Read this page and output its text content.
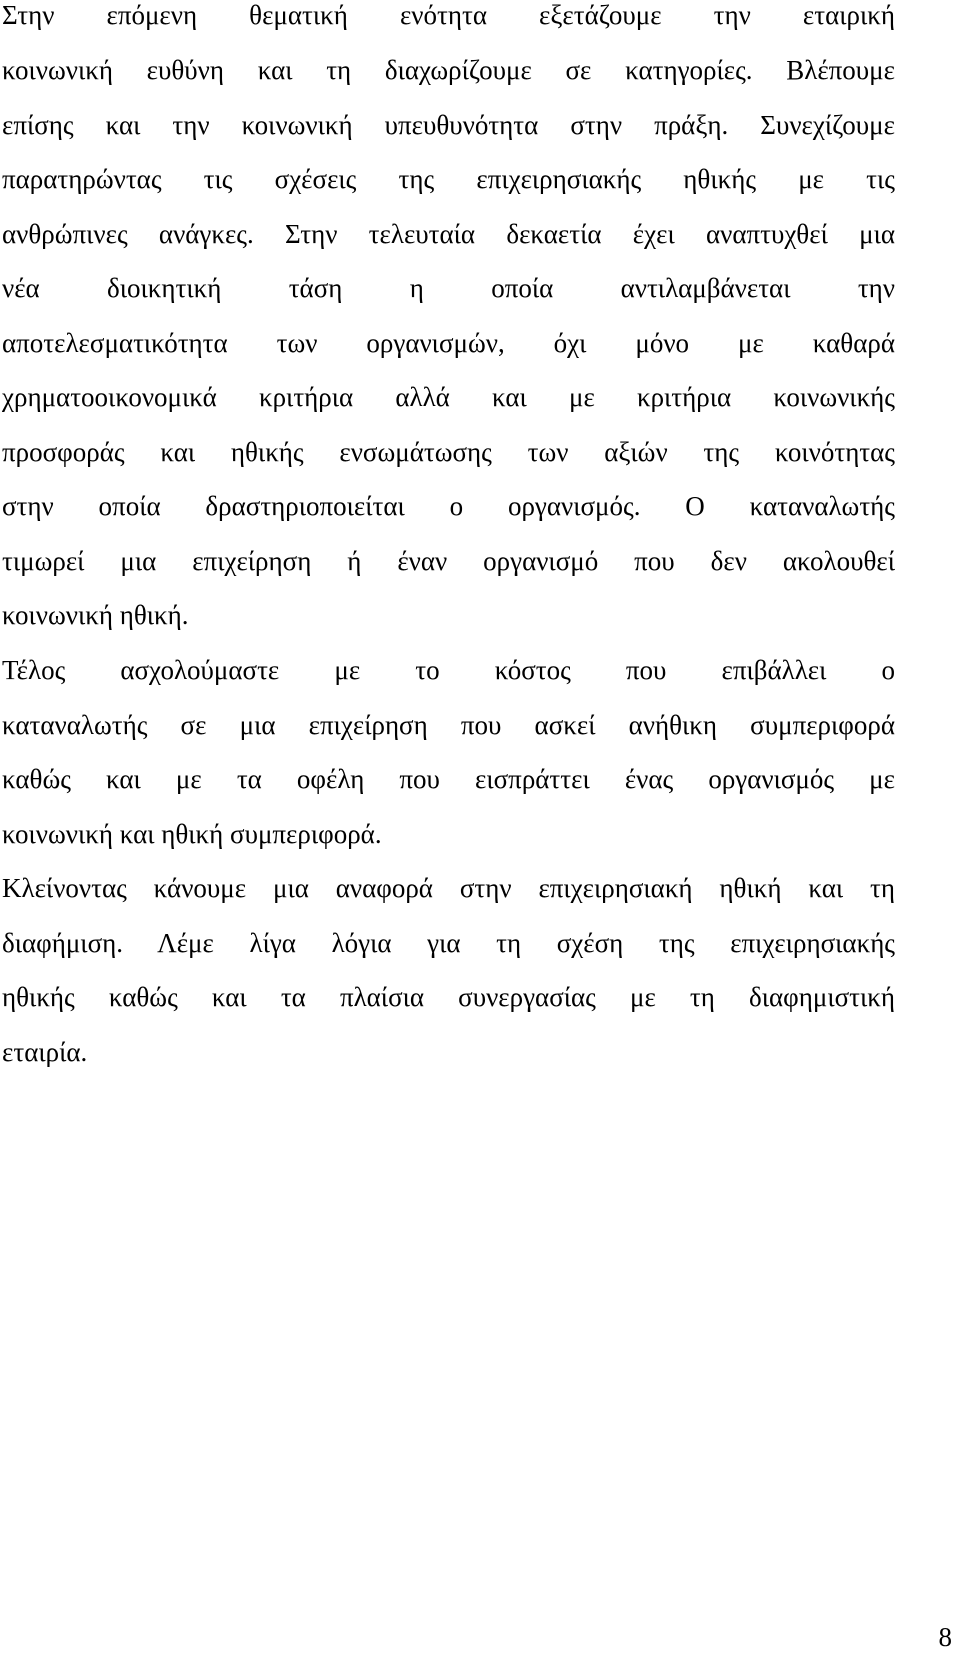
Στην επόμενη θεματική ενότητα εξετάζουμε την εταιρική
κοινωνική ευθύνη και τη διαχωρίζουμε σε κατηγορίες. Βλέπουμε
επίσης και την κοινωνική υπευθυνότητα στην πράξη. Συνεχίζουμε
παρατηρώντας τις σχέσεις της επιχειρησιακής ηθικής με τις
ανθρώπινες ανάγκες. Στην τελευταία δεκαετία έχει αναπτυχθεί μια
νέα διοικητική τάση η οποία αντιλαμβάνεται την
αποτελεσματικότητα των οργανισμών, όχι μόνο με καθαρά
χρηματοοικονομικά κριτήρια αλλά και με κριτήρια κοινωνικής
προσφοράς και ηθικής ενσωμάτωσης των αξιών της κοινότητας
στην οποία δραστηριοποιείται ο οργανισμός. Ο καταναλωτής
τιμωρεί μια επιχείρηση ή έναν οργανισμό που δεν ακολουθεί
κοινωνική ηθική.
Τέλος ασχολούμαστε με το κόστος που επιβάλλει ο
καταναλωτής σε μια επιχείρηση που ασκεί ανήθικη συμπεριφορά
καθώς και με τα οφέλη που εισπράττει ένας οργανισμός με
κοινωνική και ηθική συμπεριφορά.
Κλείνοντας κάνουμε μια αναφορά στην επιχειρησιακή ηθική και τη
διαφήμιση. Λέμε λίγα λόγια για τη σχέση της επιχειρησιακής
ηθικής καθώς και τα πλαίσια συνεργασίας με τη διαφημιστική
εταιρία.
8
